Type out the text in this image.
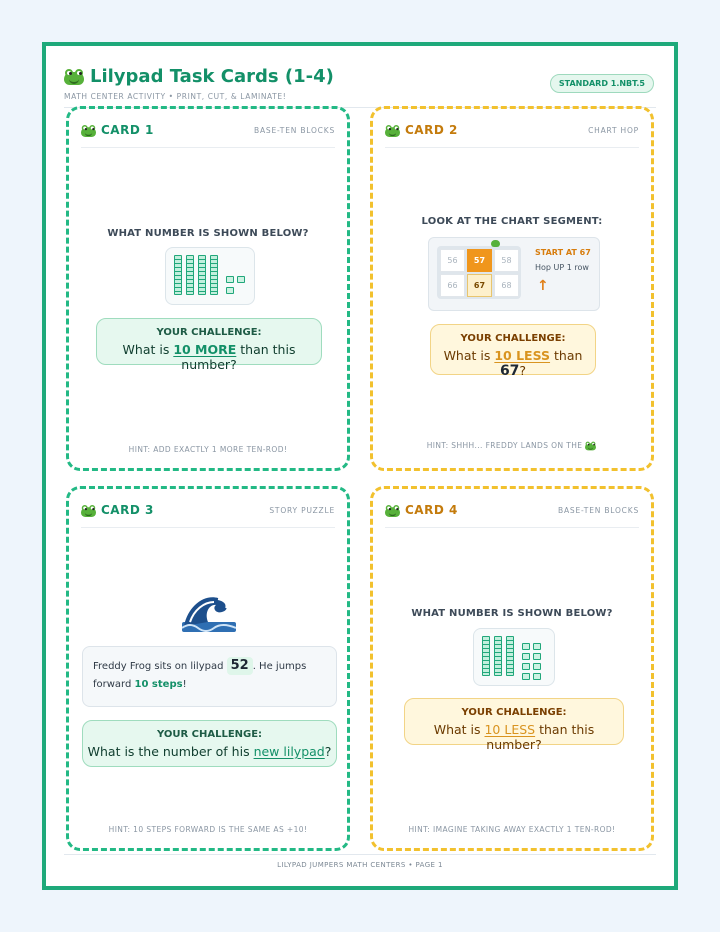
Lilypad Task Cards (1-4)
MATH CENTER ACTIVITY • PRINT, CUT, & LAMINATE!
STANDARD 1.NBT.5
LILYPAD JUMPERS MATH CENTERS • PAGE 1
CARD 1	BASE-TEN BLOCKS
WHAT NUMBER IS SHOWN BELOW?
YOUR CHALLENGE:
What is 10 MORE than this number?
HINT: ADD EXACTLY 1 MORE TEN-ROD!
CARD 2	CHART HOP
LOOK AT THE CHART SEGMENT:
56	57	58
66	67	68
START AT 67
Hop UP 1 row
↑
YOUR CHALLENGE:
What is 10 LESS than 67?
HINT: SHHH... FREDDY LANDS ON THE
CARD 3	STORY PUZZLE
Freddy Frog sits on lilypad 52 . He jumps forward 10 steps!
YOUR CHALLENGE:
What is the number of his new lilypad?
HINT: 10 STEPS FORWARD IS THE SAME AS +10!
CARD 4	BASE-TEN BLOCKS
WHAT NUMBER IS SHOWN BELOW?
YOUR CHALLENGE:
What is 10 LESS than this number?
HINT: IMAGINE TAKING AWAY EXACTLY 1 TEN-ROD!
